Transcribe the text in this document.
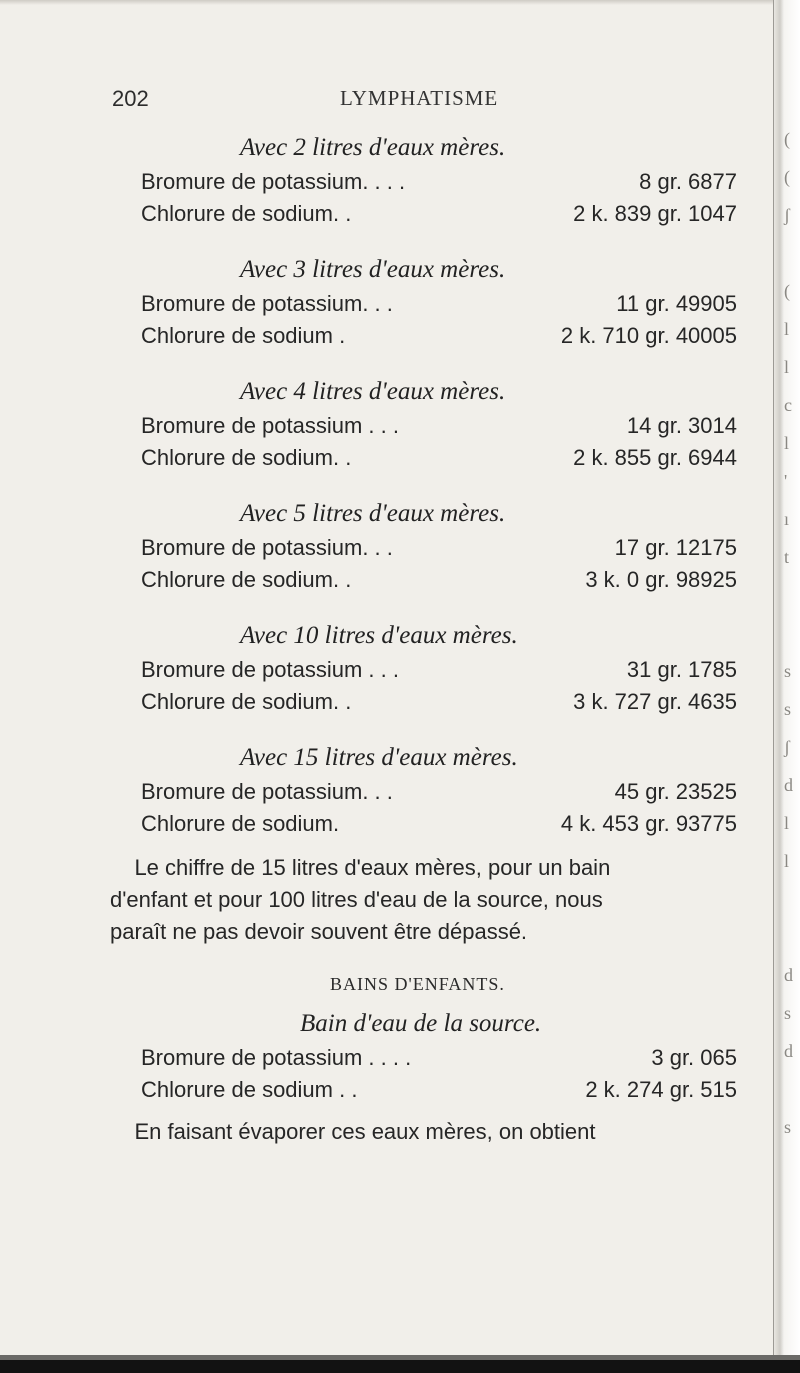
202	LYMPHATISME
Avec 2 litres d'eaux mères.
Bromure de potassium. . . .	8 gr. 6877
Chlorure de sodium. .	2 k. 839 gr. 1047
Avec 3 litres d'eaux mères.
Bromure de potassium. . .	11 gr. 49905
Chlorure de sodium .	2 k. 710 gr. 40005
Avec 4 litres d'eaux mères.
Bromure de potassium . . .	14 gr. 3014
Chlorure de sodium. .	2 k. 855 gr. 6944
Avec 5 litres d'eaux mères.
Bromure de potassium. . .	17 gr. 12175
Chlorure de sodium. .	3 k. 0 gr. 98925
Avec 10 litres d'eaux mères.
Bromure de potassium . . .	31 gr. 1785
Chlorure de sodium. .	3 k. 727 gr. 4635
Avec 15 litres d'eaux mères.
Bromure de potassium. . .	45 gr. 23525
Chlorure de sodium.	4 k. 453 gr. 93775
Le chiffre de 15 litres d'eaux mères, pour un bain
d'enfant et pour 100 litres d'eau de la source, nous
paraît ne pas devoir souvent être dépassé.
BAINS D'ENFANTS.
Bain d'eau de la source.
Bromure de potassium . . . .	3 gr. 065
Chlorure de sodium . .	2 k. 274 gr. 515
En faisant évaporer ces eaux mères, on obtient
(
(
ʃ
(
l
l
c
l
'
ı
t
s
s
ʃ
d
l
l
d
s
d
s
